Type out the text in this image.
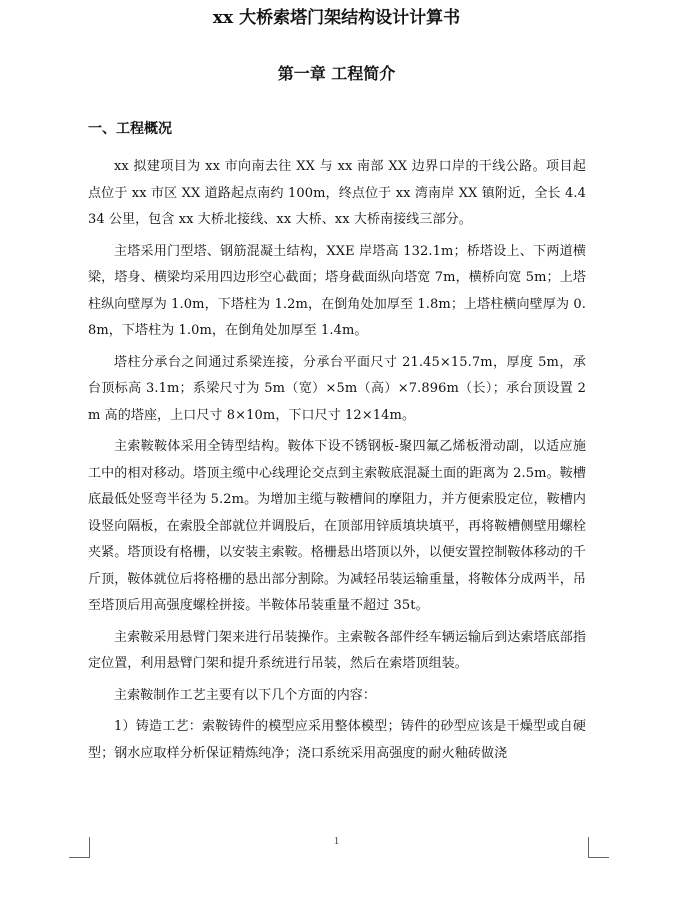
xx 大桥索塔门架结构设计计算书
第一章 工程简介
一、工程概况

xx 拟建项目为 xx 市向南去往 XX 与 xx 南部 XX 边界口岸的干线公路。项目起点位于 xx 市区 XX 道路起点南约 100m，终点位于 xx 湾南岸 XX 镇附近，全长 4.434 公里，包含 xx 大桥北接线、xx 大桥、xx 大桥南接线三部分。

主塔采用门型塔、钢筋混凝土结构，XXE 岸塔高 132.1m；桥塔设上、下两道横梁，塔身、横梁均采用四边形空心截面；塔身截面纵向塔宽 7m，横桥向宽 5m；上塔柱纵向壁厚为 1.0m，下塔柱为 1.2m，在倒角处加厚至 1.8m；上塔柱横向壁厚为 0.8m，下塔柱为 1.0m，在倒角处加厚至 1.4m。

塔柱分承台之间通过系梁连接，分承台平面尺寸 21.45×15.7m，厚度 5m，承台顶标高 3.1m；系梁尺寸为 5m（宽）×5m（高）×7.896m（长）；承台顶设置 2m 高的塔座，上口尺寸 8×10m，下口尺寸 12×14m。

主索鞍鞍体采用全铸型结构。鞍体下设不锈钢板-聚四氟乙烯板滑动副，以适应施工中的相对移动。塔顶主缆中心线理论交点到主索鞍底混凝土面的距离为 2.5m。鞍槽底最低处竖弯半径为 5.2m。为增加主缆与鞍槽间的摩阻力，并方便索股定位，鞍槽内设竖向隔板，在索股全部就位并调股后，在顶部用锌质填块填平，再将鞍槽侧壁用螺栓夹紧。塔顶设有格栅，以安装主索鞍。格栅悬出塔顶以外，以便安置控制鞍体移动的千斤顶，鞍体就位后将格栅的悬出部分割除。为减轻吊装运输重量，将鞍体分成两半，吊至塔顶后用高强度螺栓拼接。半鞍体吊装重量不超过 35t。

主索鞍采用悬臂门架来进行吊装操作。主索鞍各部件经车辆运输后到达索塔底部指定位置，利用悬臂门架和提升系统进行吊装，然后在索塔顶组装。

主索鞍制作工艺主要有以下几个方面的内容：

1）铸造工艺：索鞍铸件的模型应采用整体模型；铸件的砂型应该是干燥型或自硬型；钢水应取样分析保证精炼纯净；浇口系统采用高强度的耐火釉砖做浇

1
